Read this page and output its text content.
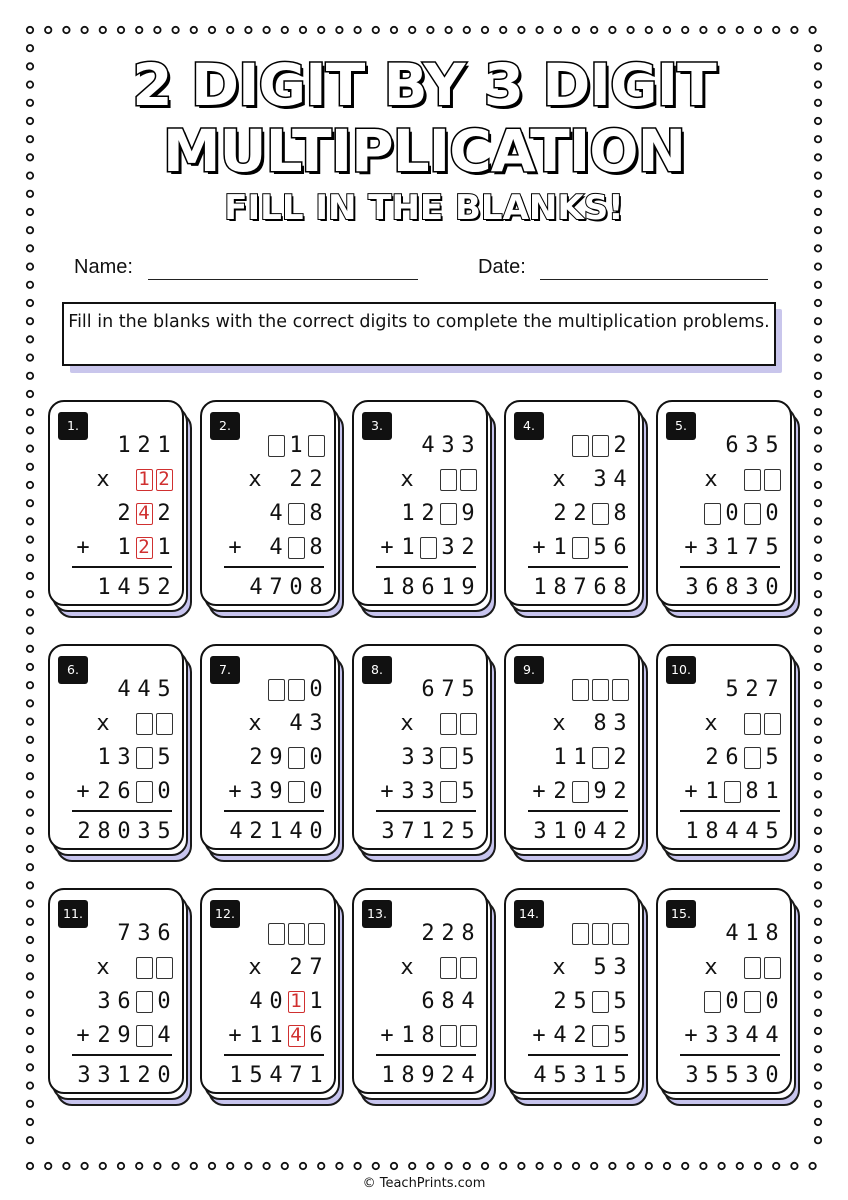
2 DIGIT BY 3 DIGIT
MULTIPLICATION
FILL IN THE BLANKS!
Name:	Date:
Fill in the blanks with the correct digits to complete the multiplication problems.
1.
1 2 1
x 1 2
2 4 2
+ 1 2 1
1 4 5 2
2.
1
x 2 2
4 8
+ 4 8
4 7 0 8
3.
4 3 3
x
1 2 9
+ 1 3 2
1 8 6 1 9
4.
2
x 3 4
2 2 8
+ 1 5 6
1 8 7 6 8
5.
6 3 5
x
0 0
+ 3 1 7 5
3 6 8 3 0
6.
4 4 5
x
1 3 5
+ 2 6 0
2 8 0 3 5
7.
0
x 4 3
2 9 0
+ 3 9 0
4 2 1 4 0
8.
6 7 5
x
3 3 5
+ 3 3 5
3 7 1 2 5
9.
x 8 3
1 1 2
+ 2 9 2
3 1 0 4 2
10.
5 2 7
x
2 6 5
+ 1 8 1
1 8 4 4 5
11.
7 3 6
x
3 6 0
+ 2 9 4
3 3 1 2 0
12.
x 2 7
4 0 1 1
+ 1 1 4 6
1 5 4 7 1
13.
2 2 8
x
6 8 4
+ 1 8
1 8 9 2 4
14.
x 5 3
2 5 5
+ 4 2 5
4 5 3 1 5
15.
4 1 8
x
0 0
+ 3 3 4 4
3 5 5 3 0
© TeachPrints.com
